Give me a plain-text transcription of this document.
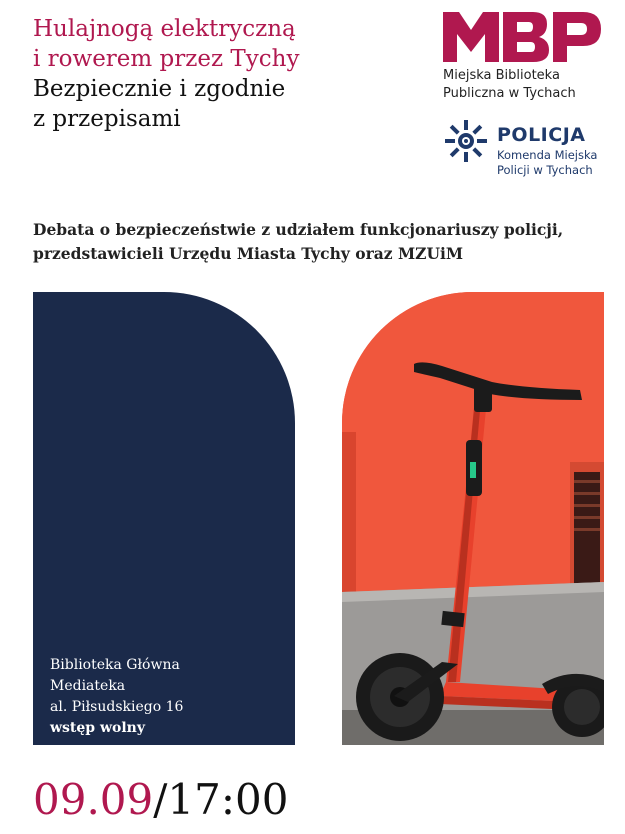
Hulajnogą elektryczną
i rowerem przez Tychy
Bezpiecznie i zgodnie
z przepisami
Miejska Biblioteka
Publiczna w Tychach
POLICJA
Komenda Miejska
Policji w Tychach
Debata o bezpieczeństwie z udziałem funkcjonariuszy policji,
przedstawicieli Urzędu Miasta Tychy oraz MZUiM
Biblioteka Główna
Mediateka
al. Piłsudskiego 16
wstęp wolny
09.09/17:00
